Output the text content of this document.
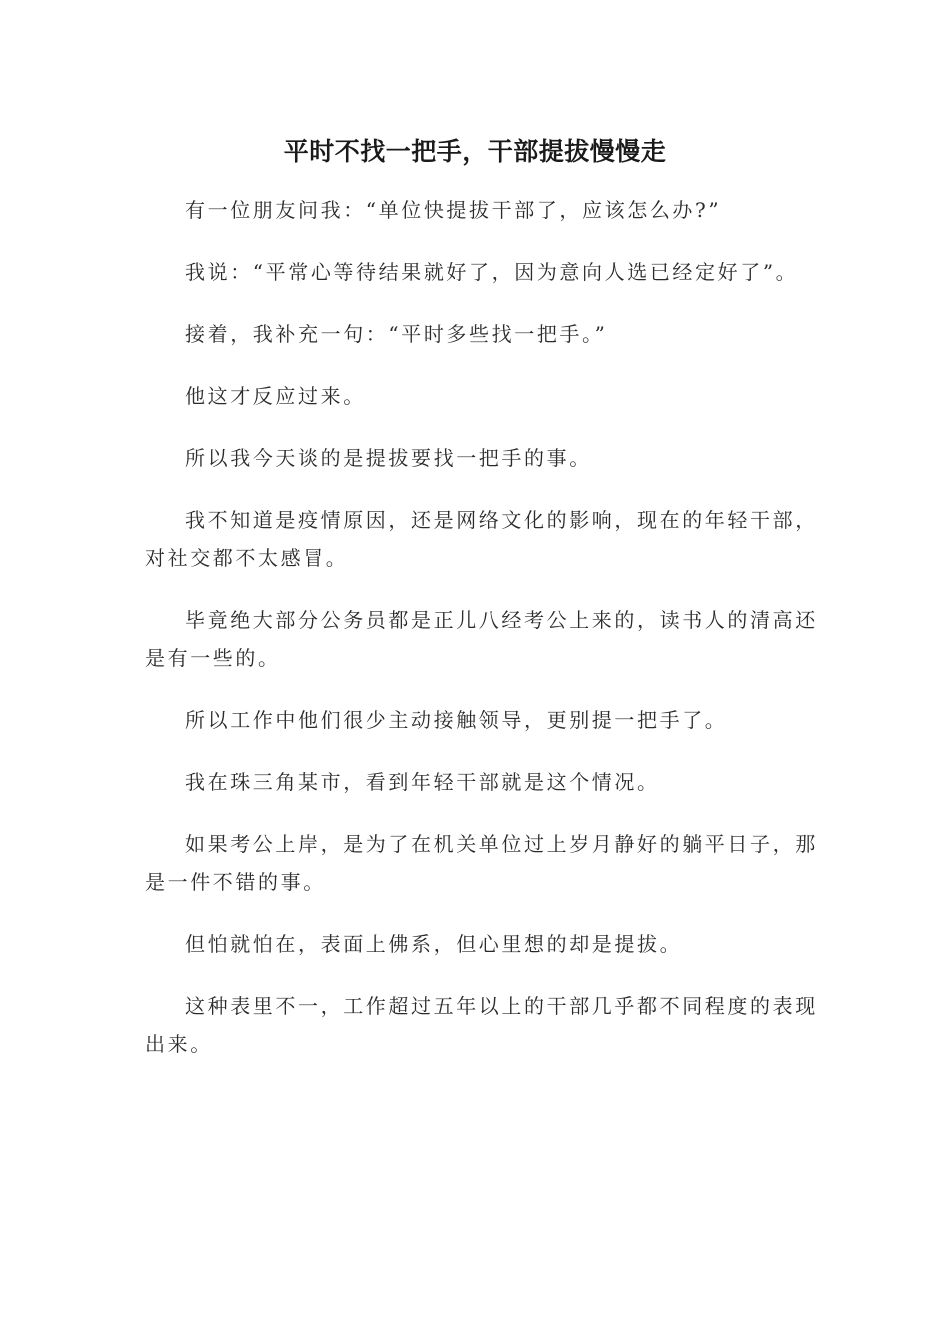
平时不找一把手，干部提拔慢慢走

有一位朋友问我：“单位快提拔干部了，应该怎么办?”

我说：“平常心等待结果就好了，因为意向人选已经定好了”。

接着，我补充一句：“平时多些找一把手。”

他这才反应过来。

所以我今天谈的是提拔要找一把手的事。

我不知道是疫情原因，还是网络文化的影响，现在的年轻干部，对社交都不太感冒。

毕竟绝大部分公务员都是正儿八经考公上来的，读书人的清高还是有一些的。

所以工作中他们很少主动接触领导，更别提一把手了。

我在珠三角某市，看到年轻干部就是这个情况。

如果考公上岸，是为了在机关单位过上岁月静好的躺平日子，那是一件不错的事。

但怕就怕在，表面上佛系，但心里想的却是提拔。

这种表里不一，工作超过五年以上的干部几乎都不同程度的表现出来。
